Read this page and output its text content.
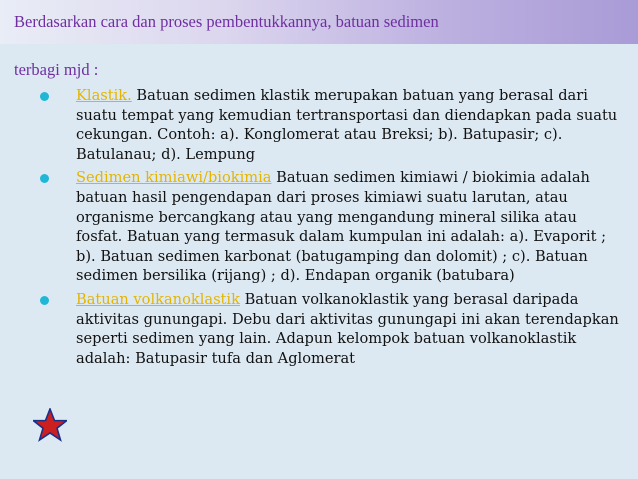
Berdasarkan cara dan proses pembentukkannya, batuan sedimen
terbagi mjd :
Klastik. Batuan sedimen klastik merupakan batuan yang berasal dari suatu tempat yang kemudian tertransportasi dan diendapkan pada suatu cekungan. Contoh: a). Konglomerat atau Breksi; b). Batupasir; c). Batulanau; d). Lempung
Sedimen kimiawi/biokimia Batuan sedimen kimiawi / biokimia adalah batuan hasil pengendapan dari proses kimiawi suatu larutan, atau organisme bercangkang atau yang mengandung mineral silika atau fosfat. Batuan yang termasuk dalam kumpulan ini adalah: a). Evaporit ; b). Batuan sedimen karbonat (batugamping dan dolomit) ; c). Batuan sedimen bersilika (rijang) ; d). Endapan organik (batubara)
Batuan volkanoklastik Batuan volkanoklastik yang berasal daripada aktivitas gunungapi. Debu dari aktivitas gunungapi ini akan terendapkan seperti sedimen yang lain. Adapun kelompok batuan volkanoklastik adalah: Batupasir tufa dan Aglomerat
